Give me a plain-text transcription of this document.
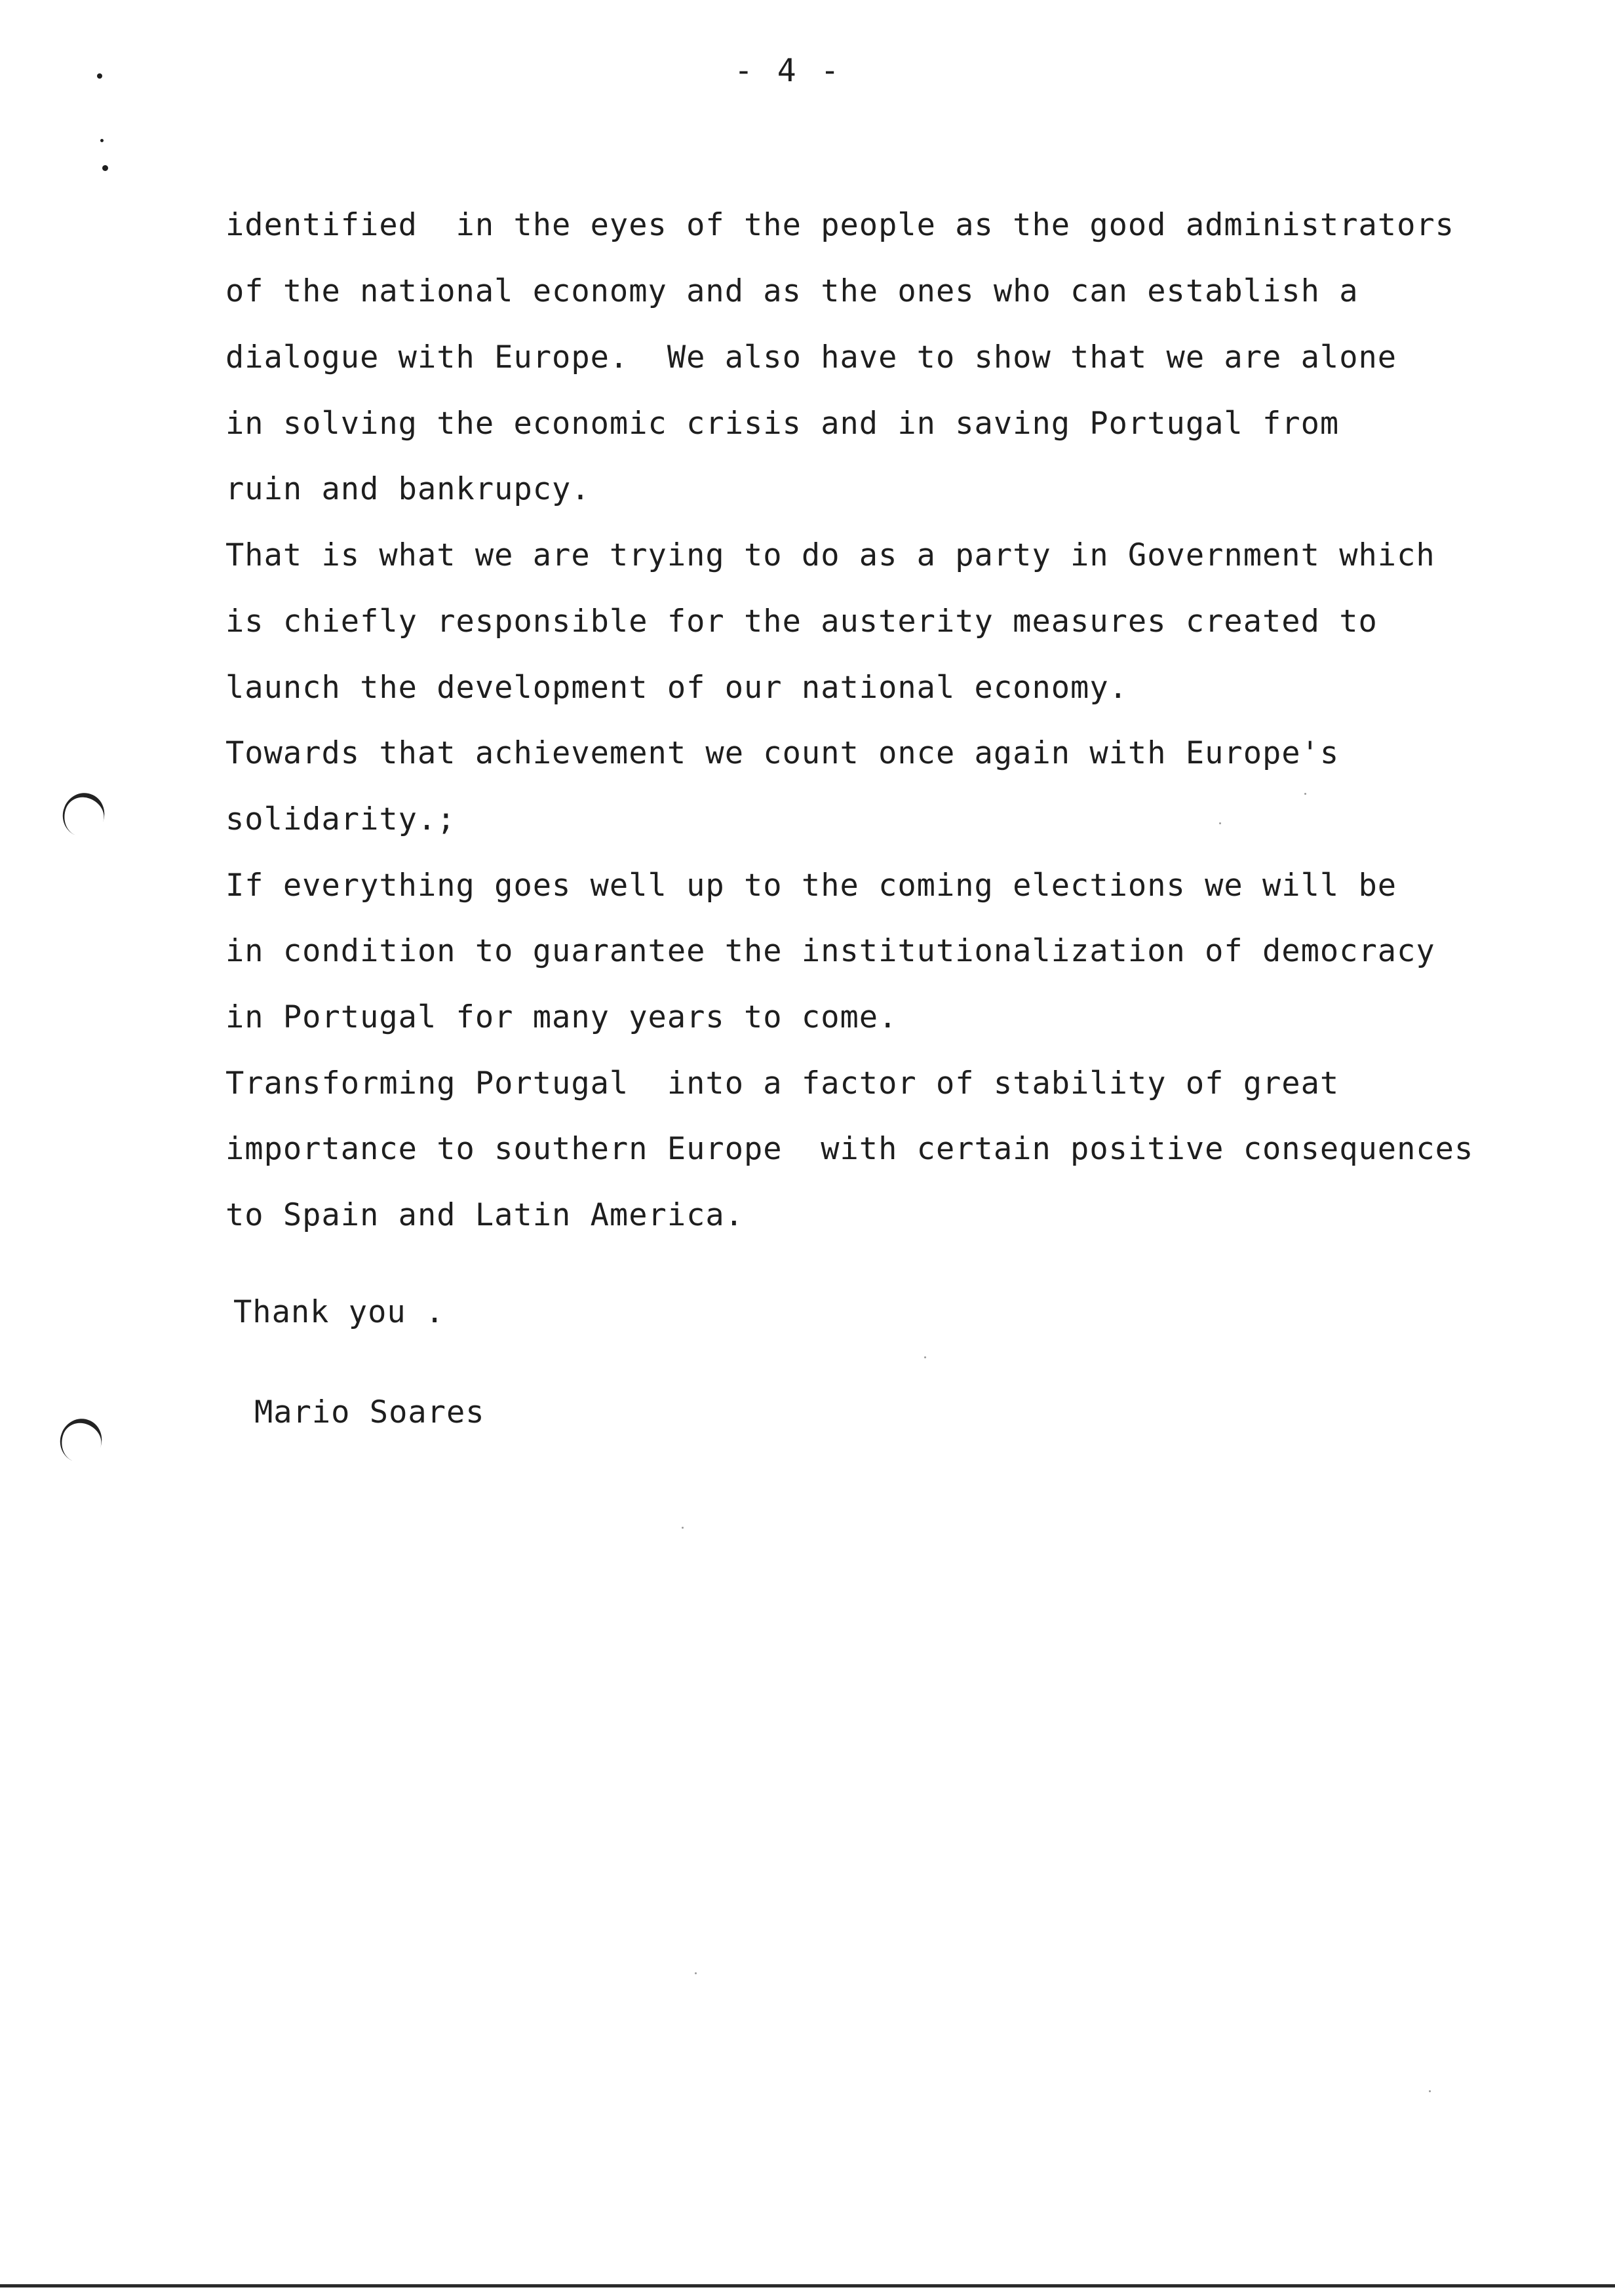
- 4 -
identified  in the eyes of the people as the good administrators
of the national economy and as the ones who can establish a
dialogue with Europe.  We also have to show that we are alone
in solving the economic crisis and in saving Portugal from
ruin and bankrupcy.
That is what we are trying to do as a party in Government which
is chiefly responsible for the austerity measures created to
launch the development of our national economy.
Towards that achievement we count once again with Europe's
solidarity.;
If everything goes well up to the coming elections we will be
in condition to guarantee the institutionalization of democracy
in Portugal for many years to come.
Transforming Portugal  into a factor of stability of great
importance to southern Europe  with certain positive consequences
to Spain and Latin America.
Thank you .
Mario Soares
